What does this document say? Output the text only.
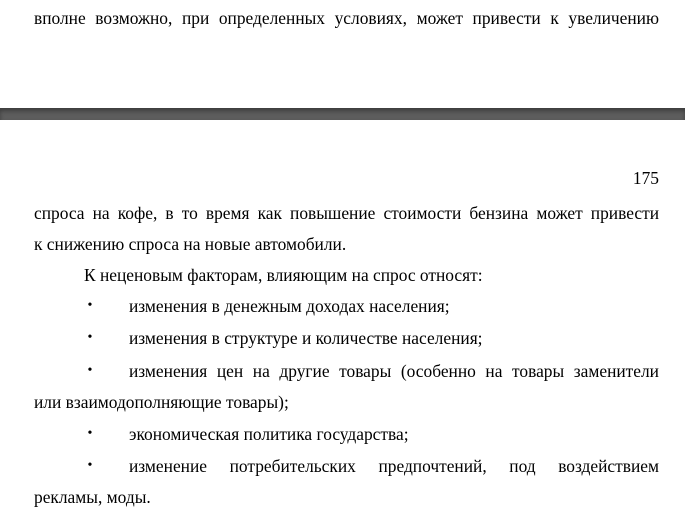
вполне возможно, при определенных условиях, может привести к увеличению
175
спроса на кофе, в то время как повышение стоимости бензина может привести
к снижению спроса на новые автомобили.
К неценовым факторам, влияющим на спрос относят:
• изменения в денежным доходах населения;
• изменения в структуре и количестве населения;
• изменения цен на другие товары (особенно на товары заменители
или взаимодополняющие товары);
• экономическая политика государства;
• изменение потребительских предпочтений, под воздействием
рекламы, моды.
